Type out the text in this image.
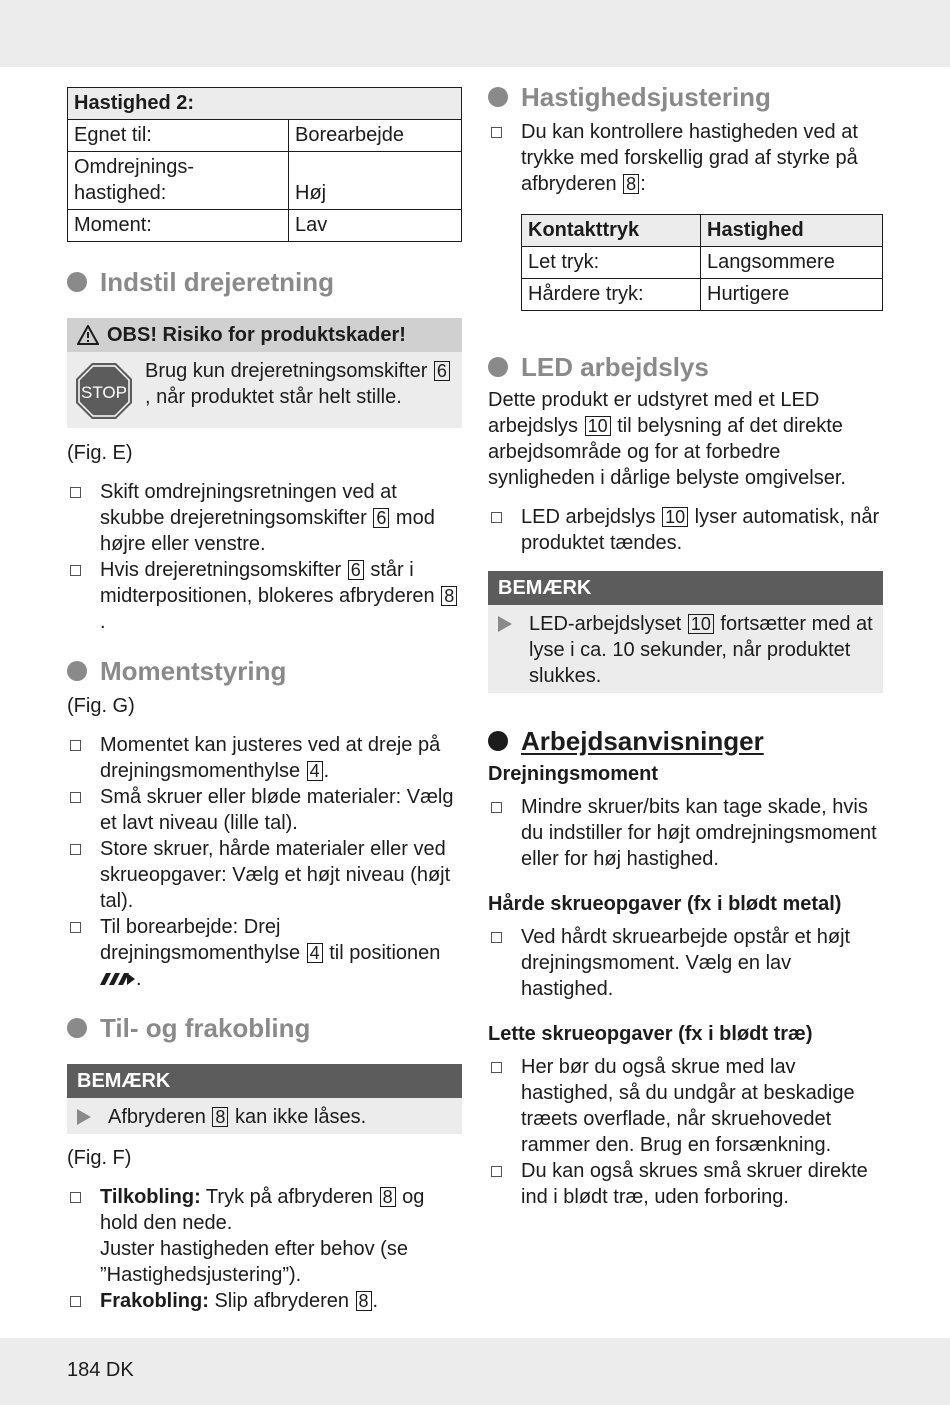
Hastighed 2:	
Egnet til:	Borearbejde
Omdrejnings-
hastighed:	Høj
Moment:	Lav
Indstil drejeretning
OBS! Risiko for produktskader!
STOP

Brug kun drejeretningsomskifter 6, når produktet står helt stille.

(Fig. E)
Skift omdrejningsretningen ved at skubbe drejeretningsomskifter 6 mod højre eller venstre.
Hvis drejeretningsomskifter 6 står i midterpositionen, blokeres afbryderen 8.
Momentstyring
(Fig. G)
Momentet kan justeres ved at dreje på drejningsmomenthylse 4 .
Små skruer eller bløde materialer: Vælg et lavt niveau (lille tal).
Store skruer, hårde materialer eller ved skrueopgaver: Vælg et højt niveau (højt tal).
Til borearbejde: Drej drejningsmomenthylse 4 til positionen .
Til- og frakobling
BEMÆRK
Afbryderen 8 kan ikke låses.
(Fig. F)
Tilkobling: Tryk på afbryderen 8 og hold den nede.
Juster hastigheden efter behov (se ”Hastighedsjustering”).
Frakobling: Slip afbryderen 8 .
Hastighedsjustering
Du kan kontrollere hastigheden ved at trykke med forskellig grad af styrke på afbryderen 8 :
Kontakttryk	Hastighed
Let tryk:	Langsommere
Hårdere tryk:	Hurtigere
LED arbejdslys

Dette produkt er udstyret med et LED arbejdslys 10 til belysning af det direkte arbejdsområde og for at forbedre synligheden i dårlige belyste omgivelser.

LED arbejdslys 10 lyser automatisk, når produktet tændes.
BEMÆRK
LED-arbejdslyset 10 fortsætter med at lyse i ca. 10 sekunder, når produktet slukkes.
Arbejdsanvisninger
Drejningsmoment
Mindre skruer/bits kan tage skade, hvis du indstiller for højt omdrejningsmoment eller for høj hastighed.
Hårde skrueopgaver (fx i blødt metal)
Ved hårdt skruearbejde opstår et højt drejningsmoment. Vælg en lav hastighed.
Lette skrueopgaver (fx i blødt træ)
Her bør du også skrue med lav hastighed, så du undgår at beskadige træets overflade, når skruehovedet rammer den. Brug en forsænkning.
Du kan også skrues små skruer direkte ind i blødt træ, uden forboring.
184 DK
